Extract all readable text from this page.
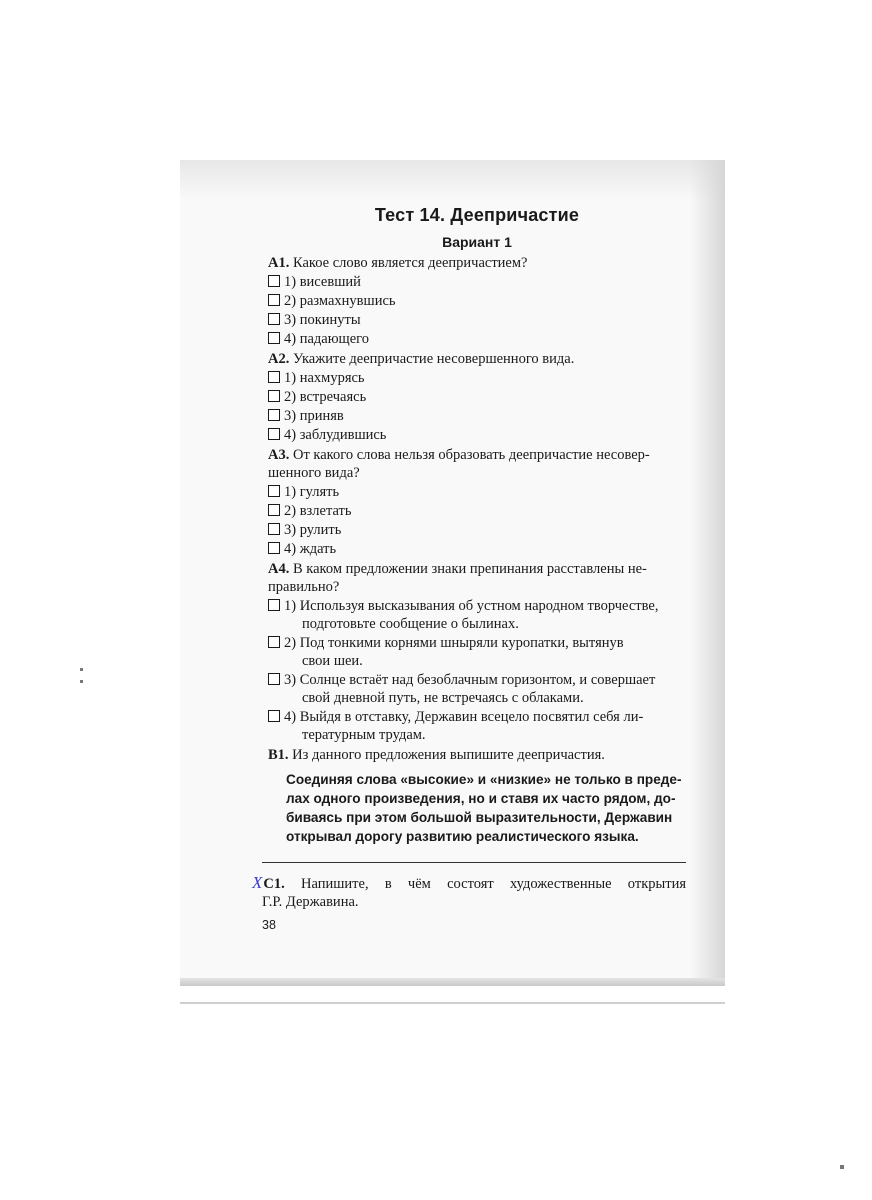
Тест 14. Деепричастие
Вариант 1
А1. Какое слово является деепричастием?
1) висевший
2) размахнувшись
3) покинуты
4) падающего
А2. Укажите деепричастие несовершенного вида.
1) нахмурясь
2) встречаясь
3) приняв
4) заблудившись
А3. От какого слова нельзя образовать деепричастие несовер-
шенного вида?
1) гулять
2) взлетать
3) рулить
4) ждать
А4. В каком предложении знаки препинания расставлены не-
правильно?
1) Используя высказывания об устном народном творчестве,
подготовьте сообщение о былинах.
2) Под тонкими корнями шныряли куропатки, вытянув
свои шеи.
3) Солнце встаёт над безоблачным горизонтом, и совершает
свой дневной путь, не встречаясь с облаками.
4) Выйдя в отставку, Державин всецело посвятил себя ли-
тературным трудам.
В1. Из данного предложения выпишите деепричастия.
Соединяя слова «высокие» и «низкие» не только в преде-
лах одного произведения, но и ставя их часто рядом, до-
биваясь при этом большой выразительности, Державин
открывал дорогу развитию реалистического языка.
ХС1. Напишите, в чём состоят художественные открытия
Г.Р. Державина.
38
